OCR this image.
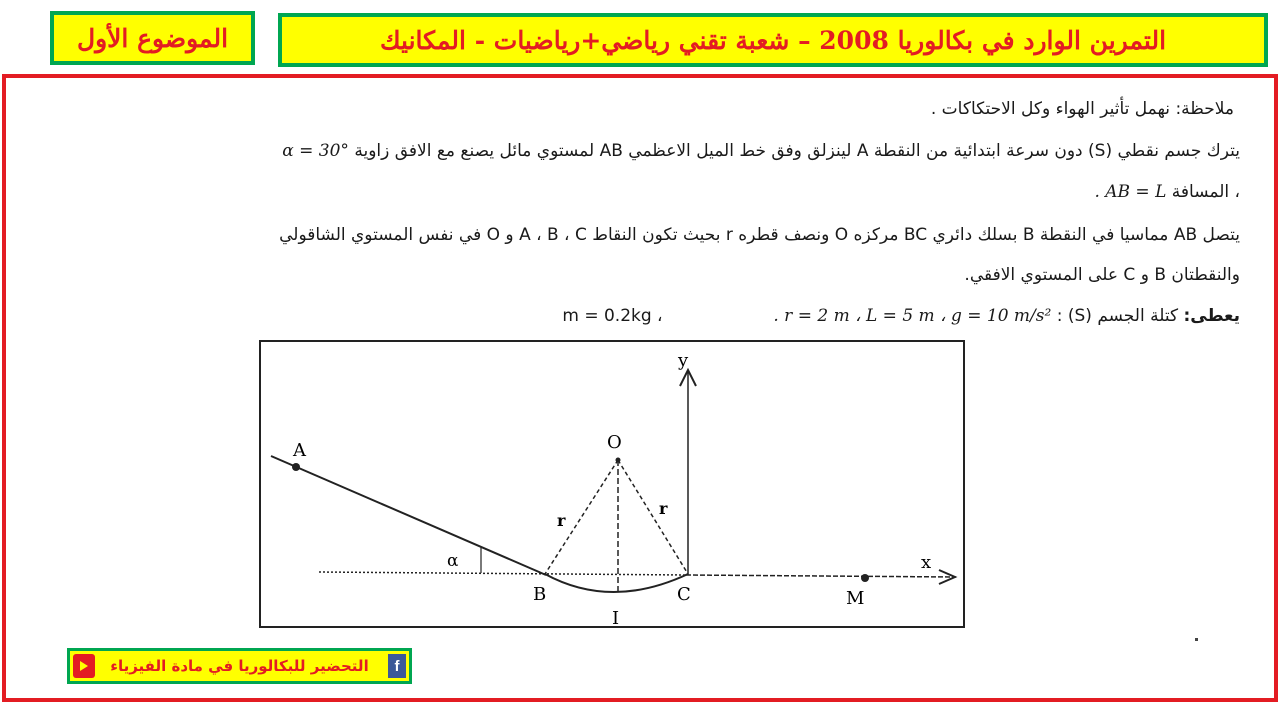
التمرين الوارد في بكالوريا 2008 – شعبة تقني رياضي+رياضيات - المكانيك
الموضوع الأول
ملاحظة: نهمل تأثير الهواء وكل الاحتكاكات .
يترك جسم نقطي (S) دون سرعة ابتدائية من النقطة A لينزلق وفق خط الميل الاعظمي AB لمستوي مائل يصنع مع الافق زاوية α = 30°
، المسافة AB = L .
يتصل AB مماسيا في النقطة B بسلك دائري BC مركزه O ونصف قطره r بحيث تكون النقاط A ، B ، C و O في نفس المستوي الشاقولي
والنقطتان B و C على المستوي الافقي.
يعطى: كتلة الجسم (S) : m = 0.2kg ،  . r = 2 m ، L = 5 m ، g = 10 m/s²
A
B	C
O
I
M
r
r
α	x
y
التحضير للبكالوريا في مادة الفيزياء f
